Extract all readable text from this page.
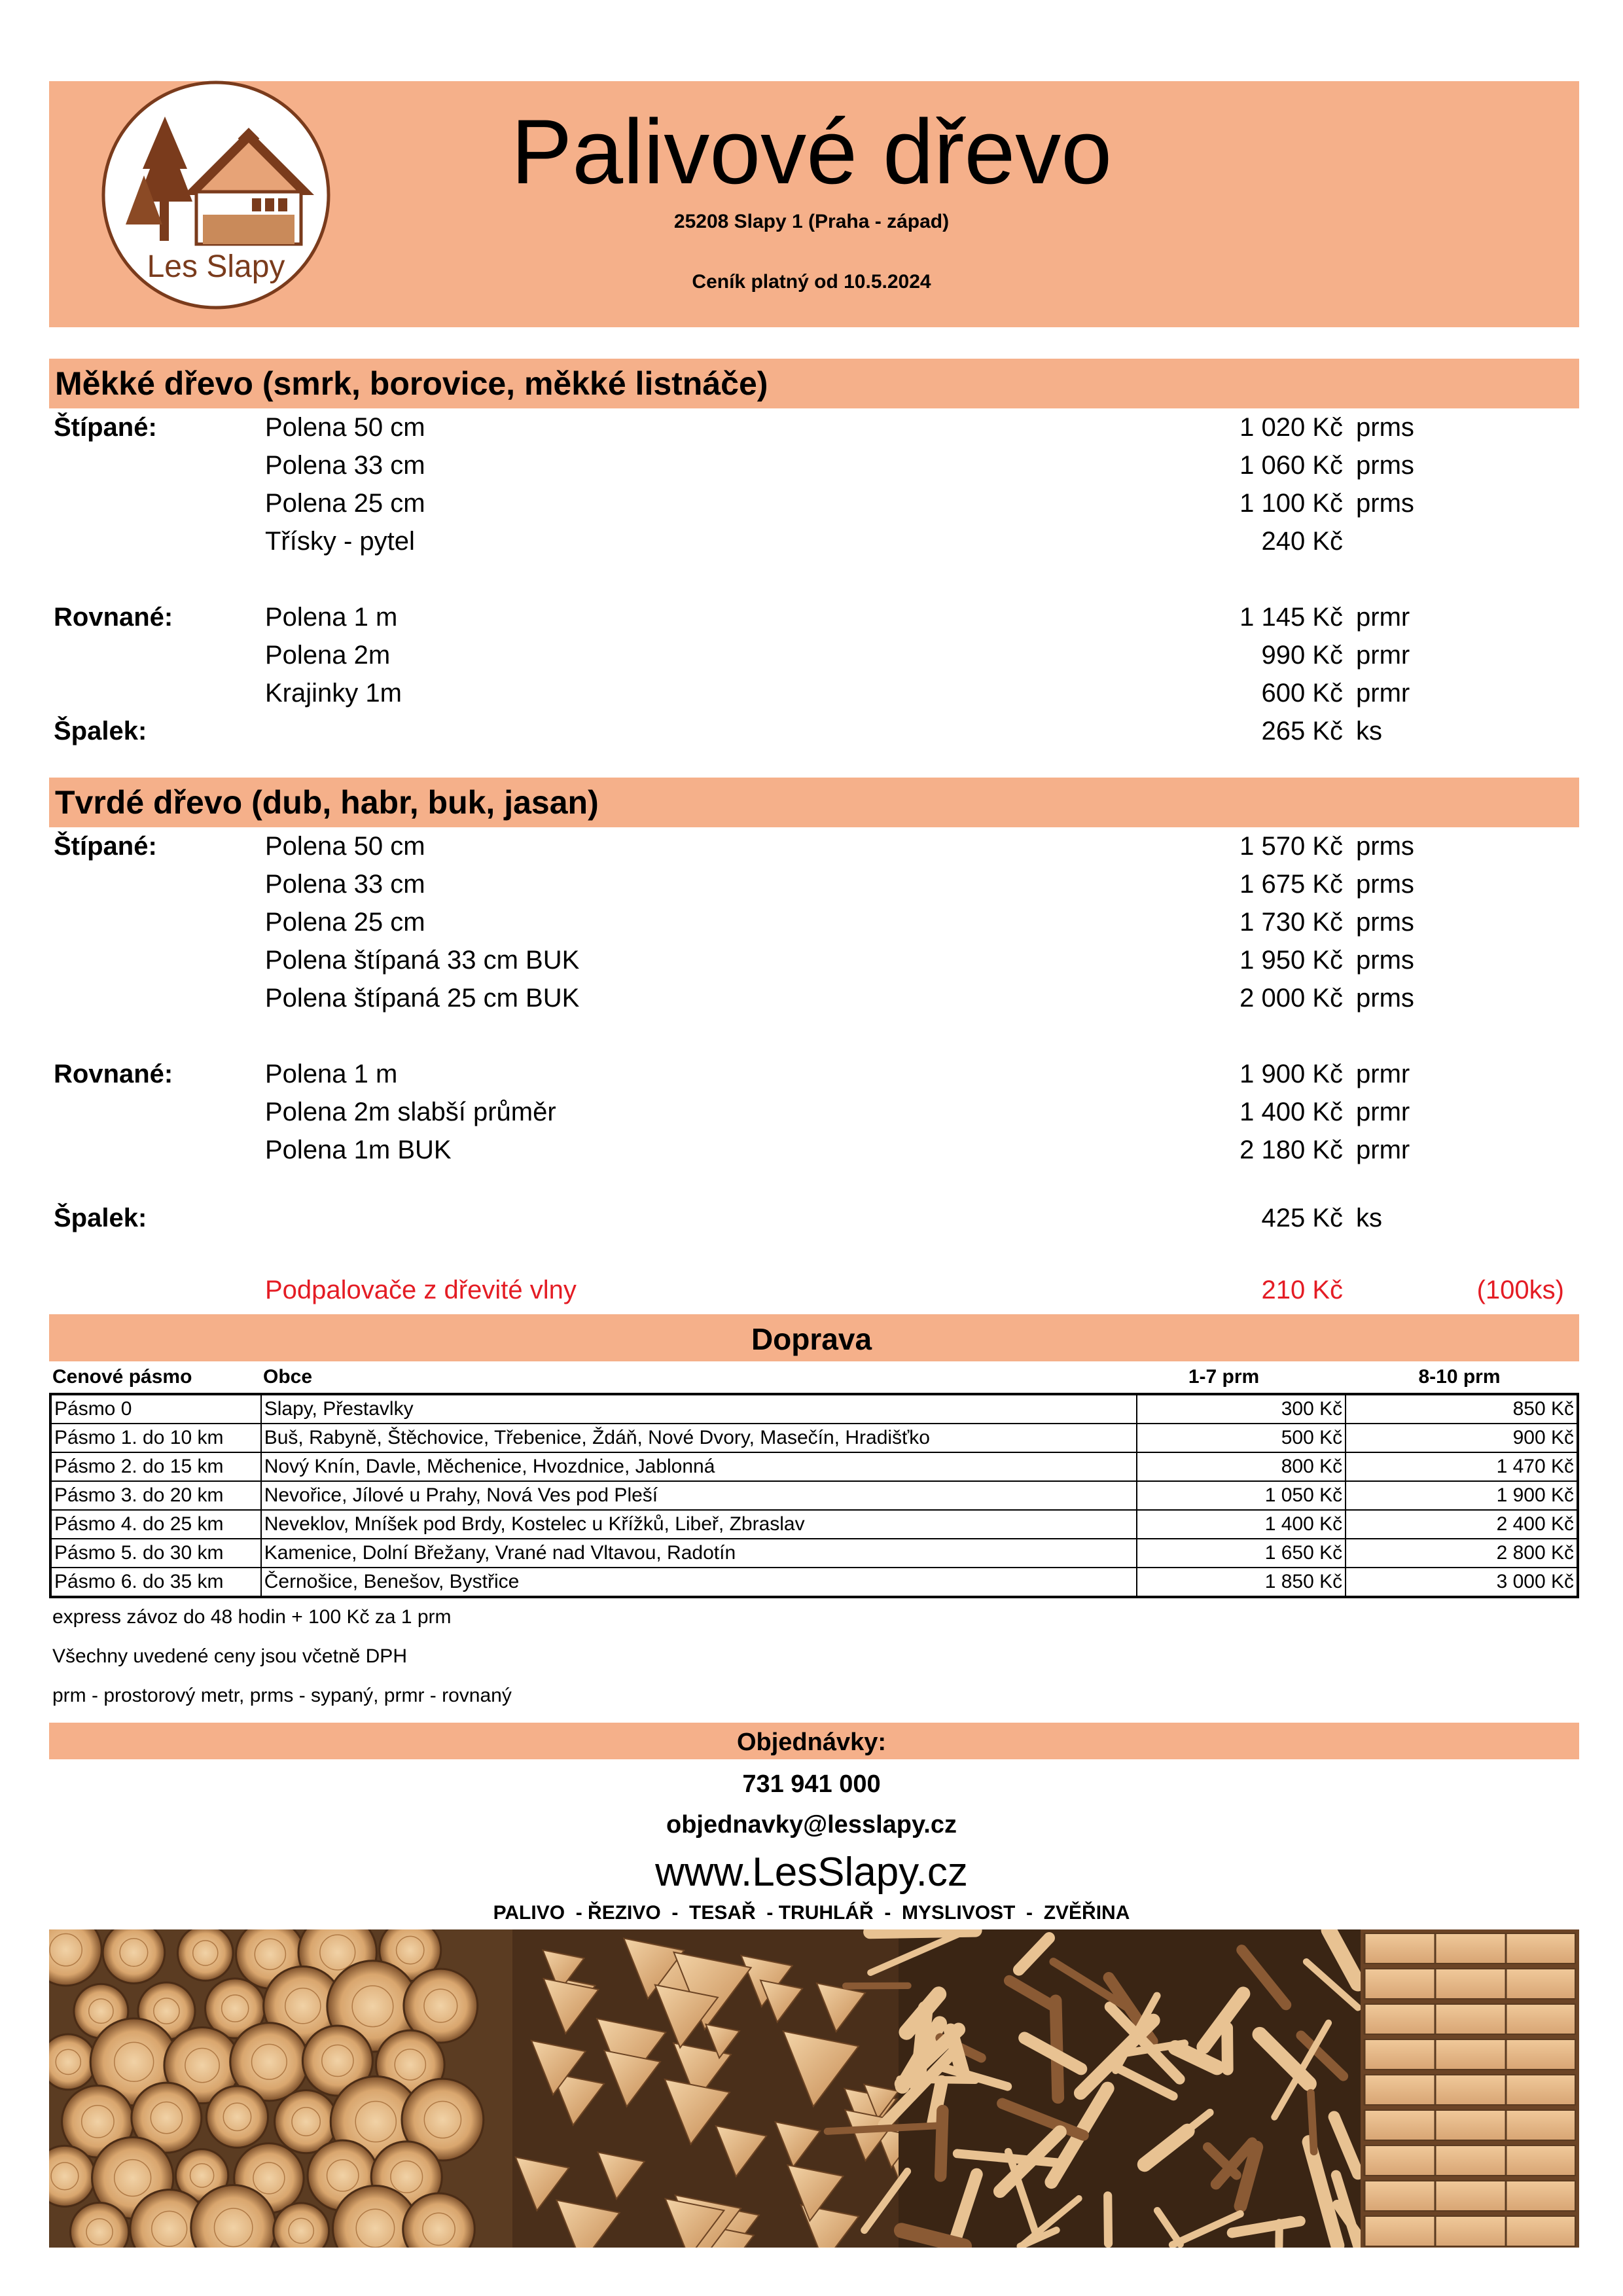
Les Slapy
Palivové dřevo
25208 Slapy 1 (Praha - západ)
Ceník platný od 10.5.2024
Měkké dřevo (smrk, borovice, měkké listnáče)
Štípané:	Polena 50 cm	1 020 Kč prms
Polena 33 cm	1 060 Kč prms
Polena 25 cm	1 100 Kč prms
Třísky - pytel	240 Kč
Rovnané:	Polena 1 m	1 145 Kč prmr
Polena 2m	990 Kč prmr
Krajinky 1m	600 Kč prmr
Špalek:	265 Kč ks
Tvrdé dřevo (dub, habr, buk, jasan)
Štípané:	Polena 50 cm	1 570 Kč prms
Polena 33 cm	1 675 Kč prms
Polena 25 cm	1 730 Kč prms
Polena štípaná 33 cm BUK	1 950 Kč prms
Polena štípaná 25 cm BUK	2 000 Kč prms
Rovnané:	Polena 1 m	1 900 Kč prmr
Polena 2m slabší průměr	1 400 Kč prmr
Polena 1m BUK	2 180 Kč prmr
Špalek:	425 Kč ks
Podpalovače z dřevité vlny	210 Kč	(100ks)
Doprava
Cenové pásmo	Obce	1-7 prm	8-10 prm
Pásmo 0	Slapy, Přestavlky	300 Kč	850 Kč
Pásmo 1. do 10 km	Buš, Rabyně, Štěchovice, Třebenice, Ždáň, Nové Dvory, Masečín, Hradišťko	500 Kč	900 Kč
Pásmo 2. do 15 km	Nový Knín, Davle, Měchenice, Hvozdnice, Jablonná	800 Kč	1 470 Kč
Pásmo 3. do 20 km	Nevořice, Jílové u Prahy, Nová Ves pod Pleší	1 050 Kč	1 900 Kč
Pásmo 4. do 25 km	Neveklov, Mníšek pod Brdy, Kostelec u Křížků, Libeř, Zbraslav	1 400 Kč	2 400 Kč
Pásmo 5. do 30 km	Kamenice, Dolní Břežany, Vrané nad Vltavou, Radotín	1 650 Kč	2 800 Kč
Pásmo 6. do 35 km	Černošice, Benešov, Bystřice	1 850 Kč	3 000 Kč
express závoz do 48 hodin + 100 Kč za 1 prm
Všechny uvedené ceny jsou včetně DPH
prm - prostorový metr, prms - sypaný, prmr - rovnaný
Objednávky:
731 941 000
objednavky@lesslapy.cz
www.LesSlapy.cz
PALIVO  - ŘEZIVO  -  TESAŘ  - TRUHLÁŘ  -  MYSLIVOST  -  ZVĚŘINA
